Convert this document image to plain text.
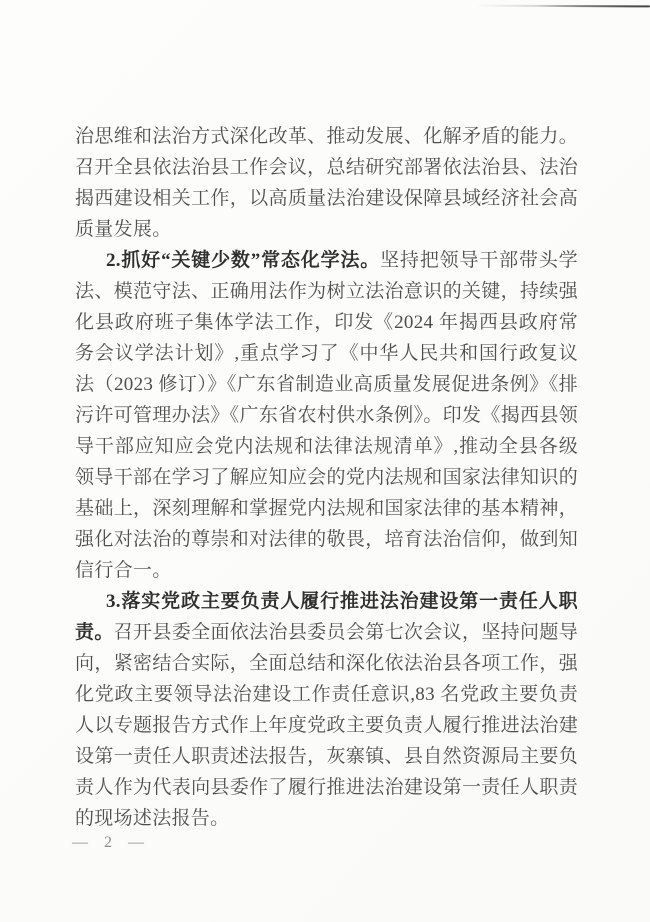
治思维和法治方式深化改革、推动发展、化解矛盾的能力。召开全县依法治县工作会议，总结研究部署依法治县、法治揭西建设相关工作，以高质量法治建设保障县域经济社会高质量发展。

2.抓好“关键少数”常态化学法。坚持把领导干部带头学法、模范守法、正确用法作为树立法治意识的关键，持续强化县政府班子集体学法工作，印发《2024 年揭西县政府常务会议学法计划》,重点学习了《中华人民共和国行政复议法（2023 修订）》《广东省制造业高质量发展促进条例》《排污许可管理办法》《广东省农村供水条例》。印发《揭西县领导干部应知应会党内法规和法律法规清单》,推动全县各级领导干部在学习了解应知应会的党内法规和国家法律知识的基础上，深刻理解和掌握党内法规和国家法律的基本精神，强化对法治的尊崇和对法律的敬畏，培育法治信仰，做到知信行合一。

3.落实党政主要负责人履行推进法治建设第一责任人职责。召开县委全面依法治县委员会第七次会议，坚持问题导向，紧密结合实际，全面总结和深化依法治县各项工作，强化党政主要领导法治建设工作责任意识,83 名党政主要负责人以专题报告方式作上年度党政主要负责人履行推进法治建设第一责任人职责述法报告，灰寨镇、县自然资源局主要负责人作为代表向县委作了履行推进法治建设第一责任人职责的现场述法报告。

— 2 —
